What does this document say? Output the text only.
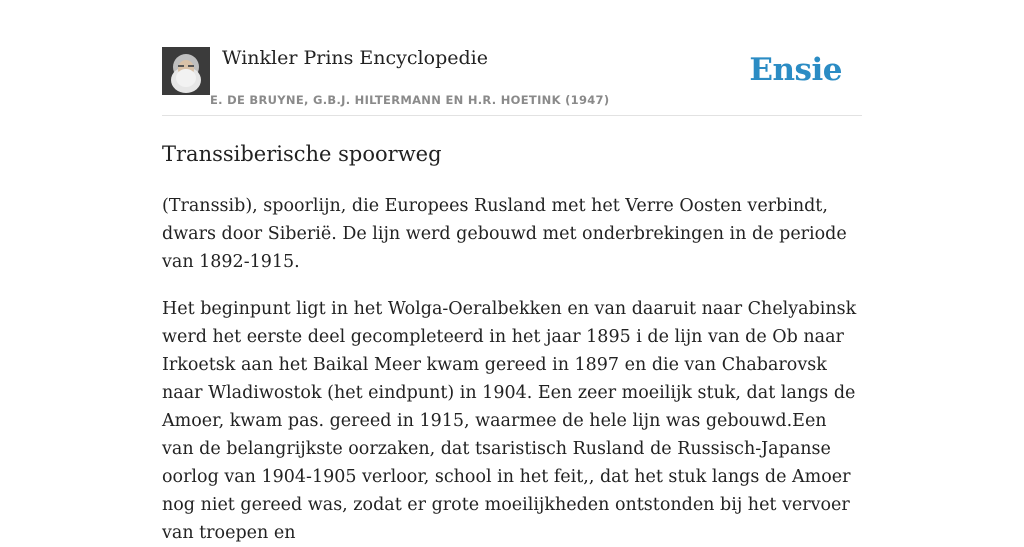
Winkler Prins Encyclopedie
E. DE BRUYNE, G.B.J. HILTERMANN EN H.R. HOETINK (1947)
Ensie
Transsiberische spoorweg

(Transsib), spoorlijn, die Europees Rusland met het Verre Oosten verbindt, dwars door Siberië. De lijn werd gebouwd met onderbrekingen in de periode van 1892-1915.

Het beginpunt ligt in het Wolga-Oeralbekken en van daaruit naar Chelyabinsk werd het eerste deel gecompleteerd in het jaar 1895 i de lijn van de Ob naar Irkoetsk aan het Baikal Meer kwam gereed in 1897 en die van Chabarovsk naar Wladiwostok (het eindpunt) in 1904. Een zeer moeilijk stuk, dat langs de Amoer, kwam pas. gereed in 1915, waarmee de hele lijn was gebouwd.Een van de belangrijkste oorzaken, dat tsaristisch Rusland de Russisch-Japanse oorlog van 1904-1905 verloor, school in het feit,, dat het stuk langs de Amoer nog niet gereed was, zodat er grote moeilijkheden ontstonden bij het vervoer van troepen en
